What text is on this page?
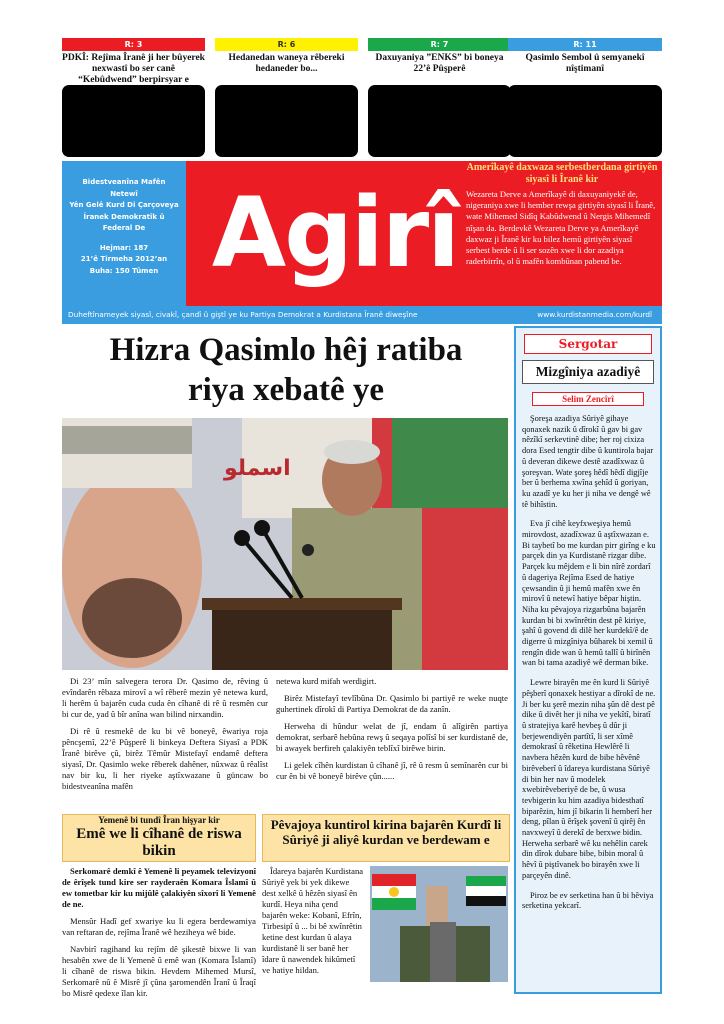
R: 3
PDKÎ: Rejîma Îranê ji her bûyerek nexwastî bo ser canê “Kebûdwend” berpirsyar e
R: 6
Hedanedan waneya rêbereki hedaneder bo...
R: 7
Daxuyaniya ”ENKS” bi boneya 22’ê Pûşperê
R: 11
Qasimlo Sembol û semyanekî nîştimanî
Bidestveanîna Mafên
Netewî
Yên Gelê Kurd Di Çarçoveya
Îranek Demokratîk û
Federal De
Hejmar: 187
21’ê Tirmeha 2012’an
Buha: 150 Tûmen Agirî
Amerîkayê daxwaza serbestberdana girtiyên siyasî li Îranê kir

Wezareta Derve a Amerîkayê di daxuyaniyekê de, nigeraniya xwe li hember rewşa girtiyên siyasî li Îranê, wate Mihemed Sidîq Kabûdwend û Nergis Mihemedî nîşan da. Berdevkê Wezareta Derve ya Amerîkayê daxwaz ji Îranê kir ku bilez hemû girtiyên siyasî serbest berde û li ser sozên xwe li dor azadiya raderbirrîn, ol û mafên kombûnan pabend be.

Duheftînameyek siyasî, civakî, çandî û giştî ye ku Partiya Demokrat a Kurdistana Îranê diweşîne	www.kurdistanmedia.com/kurdî
Hizra Qasimlo hêj ratiba
riya xebatê ye
اسملو

Di 23’ mîn salvegera terora Dr. Qasimo de, rêving û evîndarên rêbaza mirovî a wî rêberê mezin yê netewa kurd, li herêm û bajarên cuda cuda ên cîhanê di rê û resmên cur bi cur de, yad û bîr anîna wan bilind nirxandin.

Di rê û resmekê de ku bi vê boneyê, êwariya roja pêncşemî, 22’ê Pûşperê li binkeya Deftera Siyasî a PDK Îranê birêve çû, birêz Têmûr Mistefayî endamê deftera siyasî, Dr. Qasimlo weke rêberek dahêner, nûxwaz û rêalîst nav bir ku, li her riyeke aştîxwazane û güncaw bo bidestveanîna mafên

netewa kurd mifah werdigirt.

Birêz Mistefayî tevlîbûna Dr. Qasimlo bi partiyê re weke nuqte guhertinek dîrokî di Partiya Demokrat de da zanîn.

Herweha di hûndur welat de jî, endam û alîgirên partiya demokrat, serbarê hebûna rewş û seqaya polîsî bi ser kurdistanê de, bi awayek berfireh çalakiyên teblîxî birêwe birin.

Li gelek cîhên kurdistan û cîhanê jî, rê û resm û semînarên cur bi cur ên bi vê boneyê birêve çûn......

Sergotar
Mizgîniya azadiyê
Selim Zencîrî

Şoreşa azadiya Sûriyê gihaye qonaxek nazik û dîrokî û gav bi gav nêzîkî serkevtinê dibe; her roj cixiza dora Esed tengtir dibe û kuntirola bajar û deveran dikewe destê azadîxwaz û şoreşvan. Wate şoreş hêdî hêdî digjîje ber û berhema xwîna şehîd û goriyan, ku azadî ye ku her ji niha ve dengê wê tê bihîstin.

Eva jî cihê keyfxweşiya hemû mirovdost, azadîxwaz û aştîxwazan e. Bi taybetî bo me kurdan pirr girîng e ku parçek din ya Kurdistanê rizgar dibe. Parçek ku mêjdem e li bin nîrê zordarî û dageriya Rejîma Esed de hatiye çewsandin û ji hemû mafên xwe ên mirovî û netewî hatiye bêpar hiştin. Niha ku pêvajoya rizgarbûna bajarên kurdan bi bi xwînrêtin dest pê kiriye, şahî û govend di dilê her kurdekî/ê de digerre û mizgîniya bûharek bi xemil û rengîn dide wan û hemû tallî û birînên wan bi tama azadiyê wê derman bike.

Lewre birayên me ên kurd li Sûriyê pêşberî qonaxek hestiyar a dîrokî de ne. Ji ber ku şerê mezin niha şûn dê dest pê dike û divêt her ji niha ve yekîtî, biratî û stratejiya karê hevbeş û dûr ji berjewendiyên partîtî, li ser xîmê demokrasî û rêketina Hewlêrê li navbera hêzên kurd de bibe hêvênê birêveberî û îdareya kurdistana Sûriyê di bin her nav û modelek xwebirêveberiyê de be, û wusa tevbigerin ku him azadiya bidesthatî biparêzin, him jî bikarin li hemberî her deng, pîlan û êrîşek şovenî û qirêj ên navxweyî û derekî de berxwe bidin. Herweha serbarê wê ku nehêlin carek din dîrok dubare bibe, bibin moral û hêvî û piştîvanek bo birayên xwe li parçeyên dinê.

Piroz be ev serketina han û bi hêviya serketina yekcarî.

Yemenê bi tundî Îran hişyar kir
Emê we li cîhanê de riswa bikin

Serkomarê demkî ê Yemenê li peyamek televizyonî de êrîşek tund kire ser rayderaên Komara Îslamî û ew tometbar kir ku mijûlê çalakiyên sîxorî li Yemenê de ne.

Mensûr Hadî gef xwariye ku li egera berdewamiya van reftaran de, rejîma Îranê wê heziheya wê bide.

Navbirî ragihand ku rejîm dê şikestê bixwe li van hesabên xwe de li Yemenê û emê wan (Komara Îslamî) li cîhanê de riswa bikin. Hevdem Mihemed Mursî, Serkomarê nû ê Misrê jî çûna şaromendên Îranî û Îraqî bo Misrê qedexe îlan kir.

Pêvajoya kuntirol kirina bajarên Kurdî li Sûriyê ji aliyê kurdan ve berdewam e

Îdareya bajarên Kurdistana Sûriyê yek bi yek dikewe dest xelkê û hêzên siyasî ên kurdî. Heya niha çend bajarên weke: Kobanî, Efrîn, Tirbesipî û ... bi bê xwînrêtin ketine dest kurdan û alaya kurdistanê li ser banê her îdare û nawendek hikûmetî ve hatiye hildan.
